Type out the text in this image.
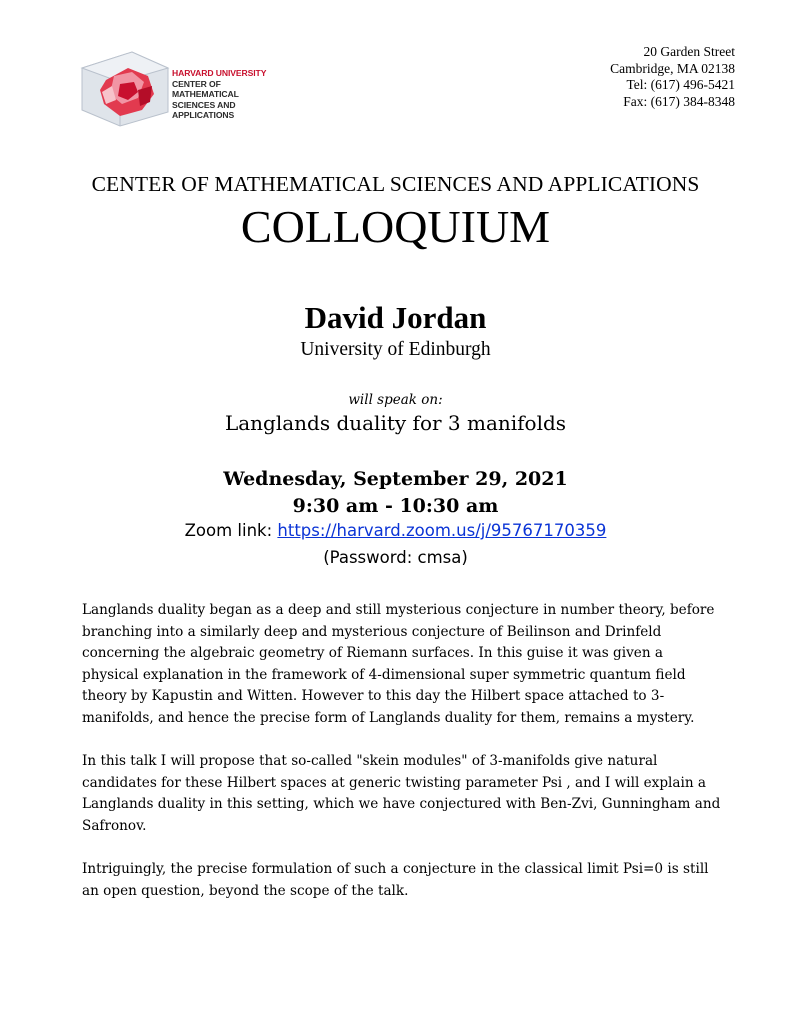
HARVARD UNIVERSITY
CENTER OF MATHEMATICAL
SCIENCES AND APPLICATIONS
20 Garden Street
Cambridge, MA 02138
Tel: (617) 496-5421
Fax: (617) 384-8348
CENTER OF MATHEMATICAL SCIENCES AND APPLICATIONS
COLLOQUIUM
David Jordan
University of Edinburgh
will speak on:
Langlands duality for 3 manifolds
Wednesday, September 29, 2021
9:30 am - 10:30 am
Zoom link: https://harvard.zoom.us/j/95767170359
(Password: cmsa)

Langlands duality began as a deep and still mysterious conjecture in number theory, before branching into a similarly deep and mysterious conjecture of Beilinson and Drinfeld concerning the algebraic geometry of Riemann surfaces. In this guise it was given a physical explanation in the framework of 4-dimensional super symmetric quantum field theory by Kapustin and Witten. However to this day the Hilbert space attached to 3-manifolds, and hence the precise form of Langlands duality for them, remains a mystery.

In this talk I will propose that so-called "skein modules" of 3-manifolds give natural candidates for these Hilbert spaces at generic twisting parameter Psi , and I will explain a Langlands duality in this setting, which we have conjectured with Ben-Zvi, Gunningham and Safronov.

Intriguingly, the precise formulation of such a conjecture in the classical limit Psi=0 is still an open question, beyond the scope of the talk.
